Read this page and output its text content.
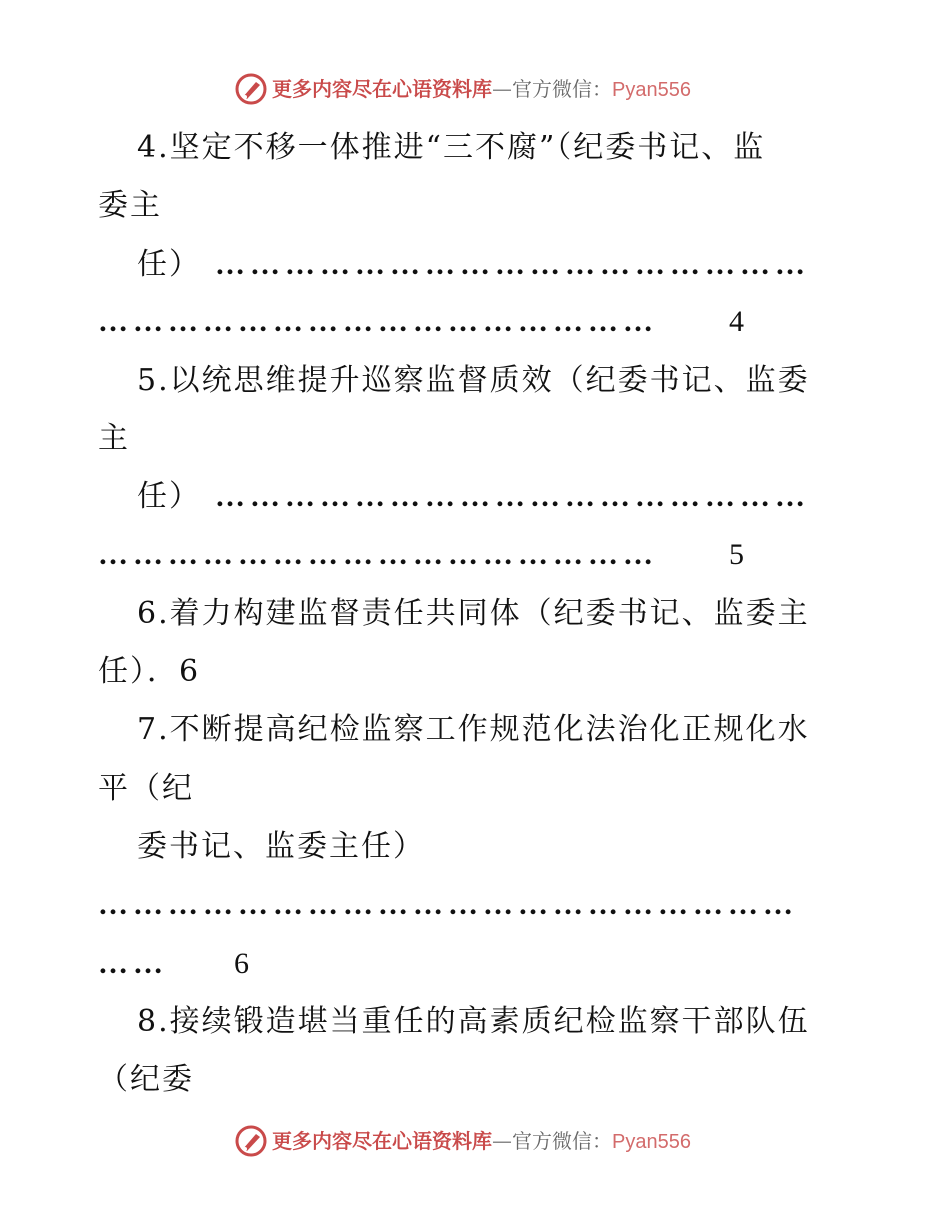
更多内容尽在心语资料库—官方微信：Pyan556
4.坚定不移一体推进“三不腐”（纪委书记、监
委主
任） ……………………………………………
…………………………………………	4
5.以统思维提升巡察监督质效（纪委书记、监委
主
任） ……………………………………………
…………………………………………	5
6.着力构建监督责任共同体（纪委书记、监委主
任）．6
7.不断提高纪检监察工作规范化法治化正规化水
平（纪
委书记、监委主任）
……………………………………………………
……	6
8.接续锻造堪当重任的高素质纪检监察干部队伍
（纪委
更多内容尽在心语资料库—官方微信：Pyan556
